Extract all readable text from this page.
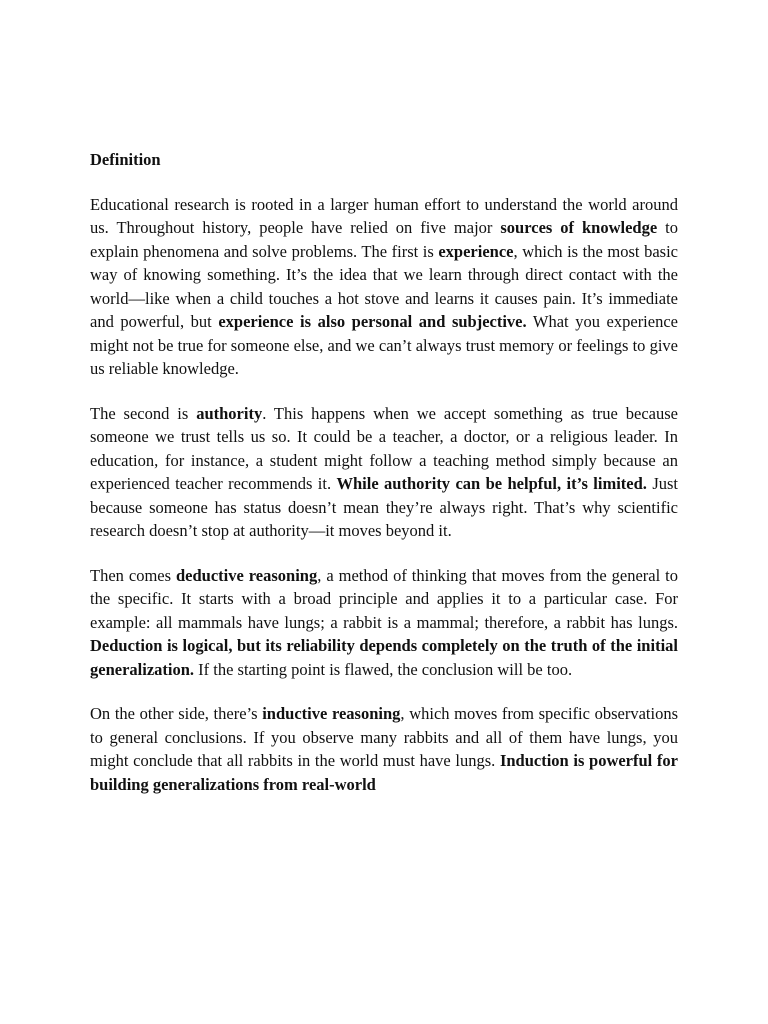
Definition

Educational research is rooted in a larger human effort to understand the world around us. Throughout history, people have relied on five major sources of knowledge to explain phenomena and solve problems. The first is experience, which is the most basic way of knowing something. It’s the idea that we learn through direct contact with the world—like when a child touches a hot stove and learns it causes pain. It’s immediate and powerful, but experience is also personal and subjective. What you experience might not be true for someone else, and we can’t always trust memory or feelings to give us reliable knowledge.

The second is authority. This happens when we accept something as true because someone we trust tells us so. It could be a teacher, a doctor, or a religious leader. In education, for instance, a student might follow a teaching method simply because an experienced teacher recommends it. While authority can be helpful, it’s limited. Just because someone has status doesn’t mean they’re always right. That’s why scientific research doesn’t stop at authority—it moves beyond it.

Then comes deductive reasoning, a method of thinking that moves from the general to the specific. It starts with a broad principle and applies it to a particular case. For example: all mammals have lungs; a rabbit is a mammal; therefore, a rabbit has lungs. Deduction is logical, but its reliability depends completely on the truth of the initial generalization. If the starting point is flawed, the conclusion will be too.

On the other side, there’s inductive reasoning, which moves from specific observations to general conclusions. If you observe many rabbits and all of them have lungs, you might conclude that all rabbits in the world must have lungs. Induction is powerful for building generalizations from real-world
